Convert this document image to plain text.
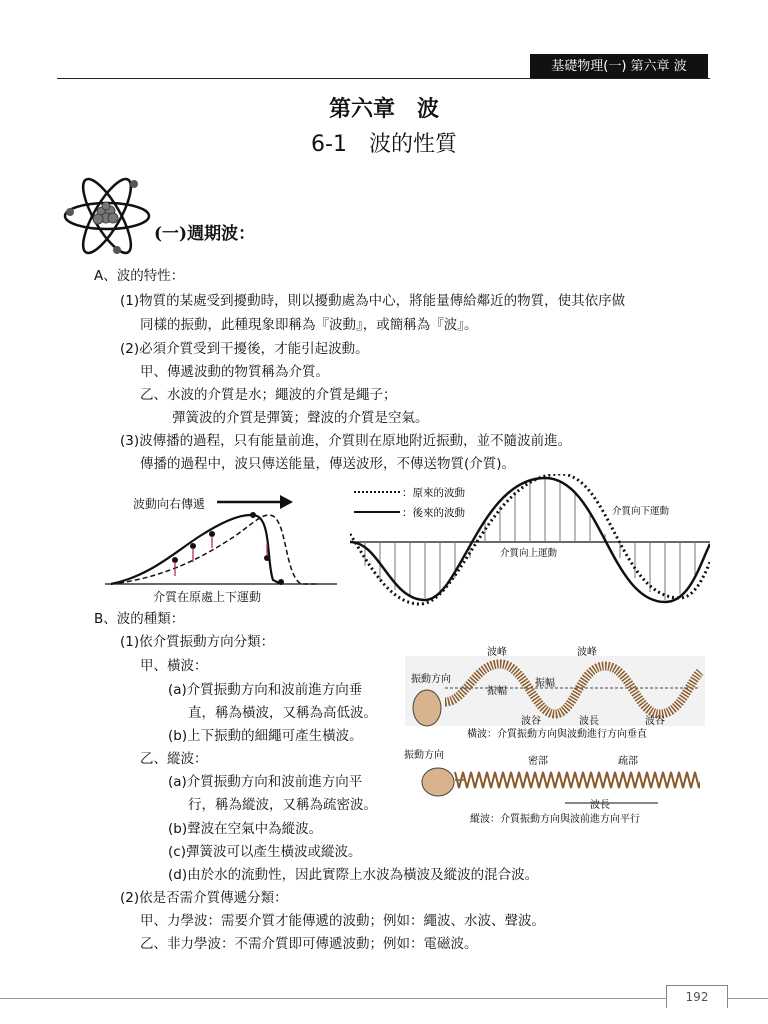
基礎物理(一) 第六章 波
第六章　波
6-1　波的性質
(一)週期波：
A、波的特性：
(1)物質的某處受到擾動時，則以擾動處為中心，將能量傳給鄰近的物質，使其依序做
同樣的振動，此種現象即稱為『波動』，或簡稱為『波』。
(2)必須介質受到干擾後，才能引起波動。
甲、傳遞波動的物質稱為介質。
乙、水波的介質是水；繩波的介質是繩子；
彈簧波的介質是彈簧；聲波的介質是空氣。
(3)波傳播的過程，只有能量前進，介質則在原地附近振動，並不隨波前進。
傳播的過程中，波只傳送能量，傳送波形，不傳送物質(介質)。
波動向右傳遞
介質在原處上下運動
：原來的波動
：後來的波動
介質向上運動
介質向下運動
B、波的種類：
(1)依介質振動方向分類：
甲、橫波：
(a)介質振動方向和波前進方向垂
直，稱為橫波，又稱為高低波。
(b)上下振動的細繩可產生橫波。
乙、縱波：
(a)介質振動方向和波前進方向平
行，稱為縱波，又稱為疏密波。
(b)聲波在空氣中為縱波。
(c)彈簧波可以產生橫波或縱波。
(d)由於水的流動性，因此實際上水波為橫波及縱波的混合波。
(2)依是否需介質傳遞分類：
甲、力學波：需要介質才能傳遞的波動；例如：繩波、水波、聲波。
乙、非力學波：不需介質即可傳遞波動；例如：電磁波。
波峰	波峰
振動方向
振幅
振幅
波谷	波長	波谷
橫波：介質振動方向與波動進行方向垂直
振動方向
密部	疏部
波長
縱波：介質振動方向與波前進方向平行
192
